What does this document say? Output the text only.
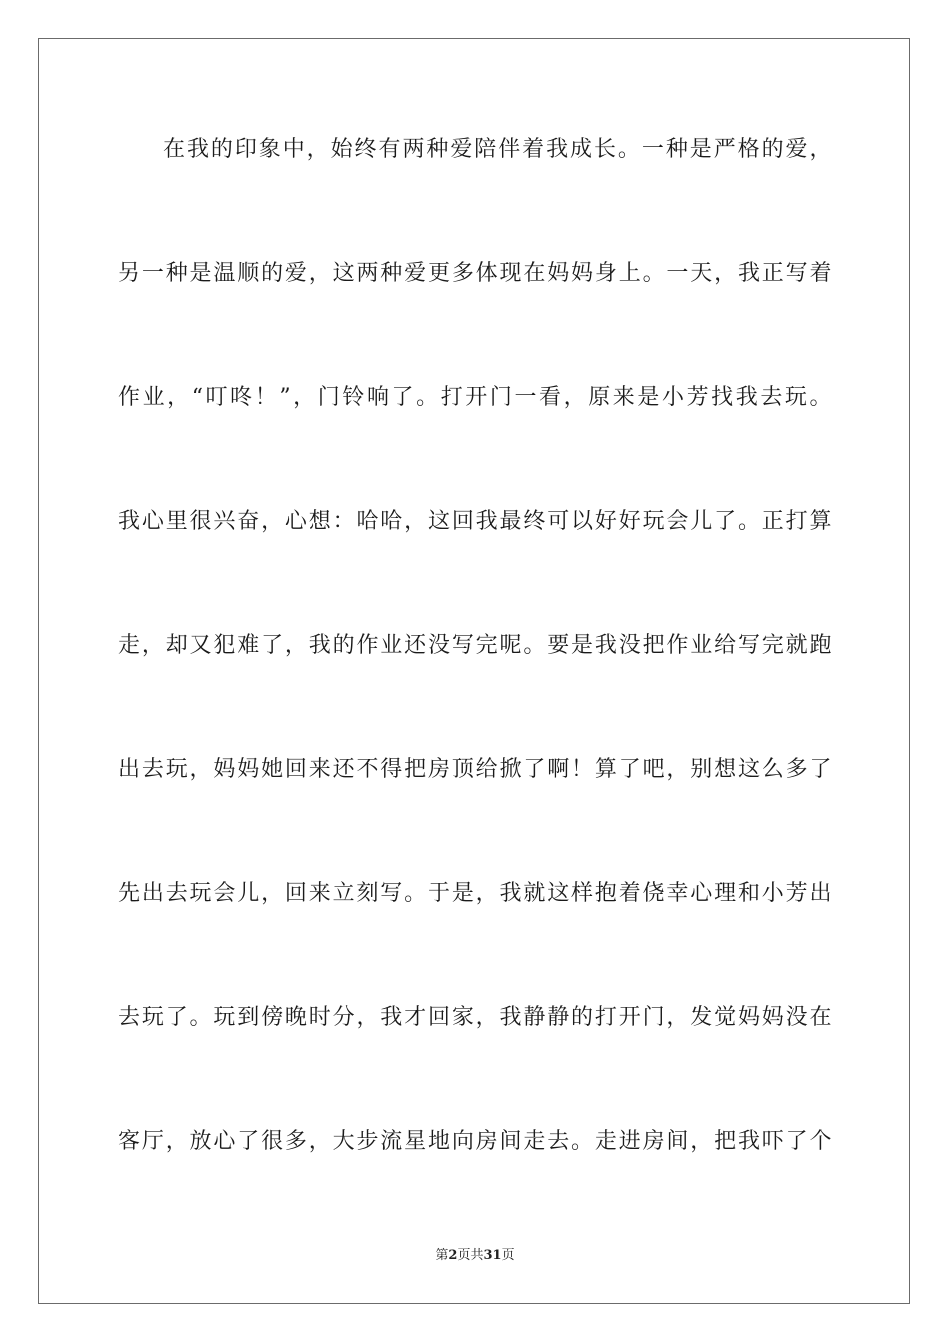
在我的印象中，始终有两种爱陪伴着我成长。一种是严格的爱，
另一种是温顺的爱，这两种爱更多体现在妈妈身上。一天，我正写着
作业，“叮咚！”，门铃响了。打开门一看，原来是小芳找我去玩。
我心里很兴奋，心想：哈哈，这回我最终可以好好玩会儿了。正打算
走，却又犯难了，我的作业还没写完呢。要是我没把作业给写完就跑
出去玩，妈妈她回来还不得把房顶给掀了啊！算了吧，别想这么多了
先出去玩会儿，回来立刻写。于是，我就这样抱着侥幸心理和小芳出
去玩了。玩到傍晚时分，我才回家，我静静的打开门，发觉妈妈没在
客厅，放心了很多，大步流星地向房间走去。走进房间，把我吓了个
第2页共31页
